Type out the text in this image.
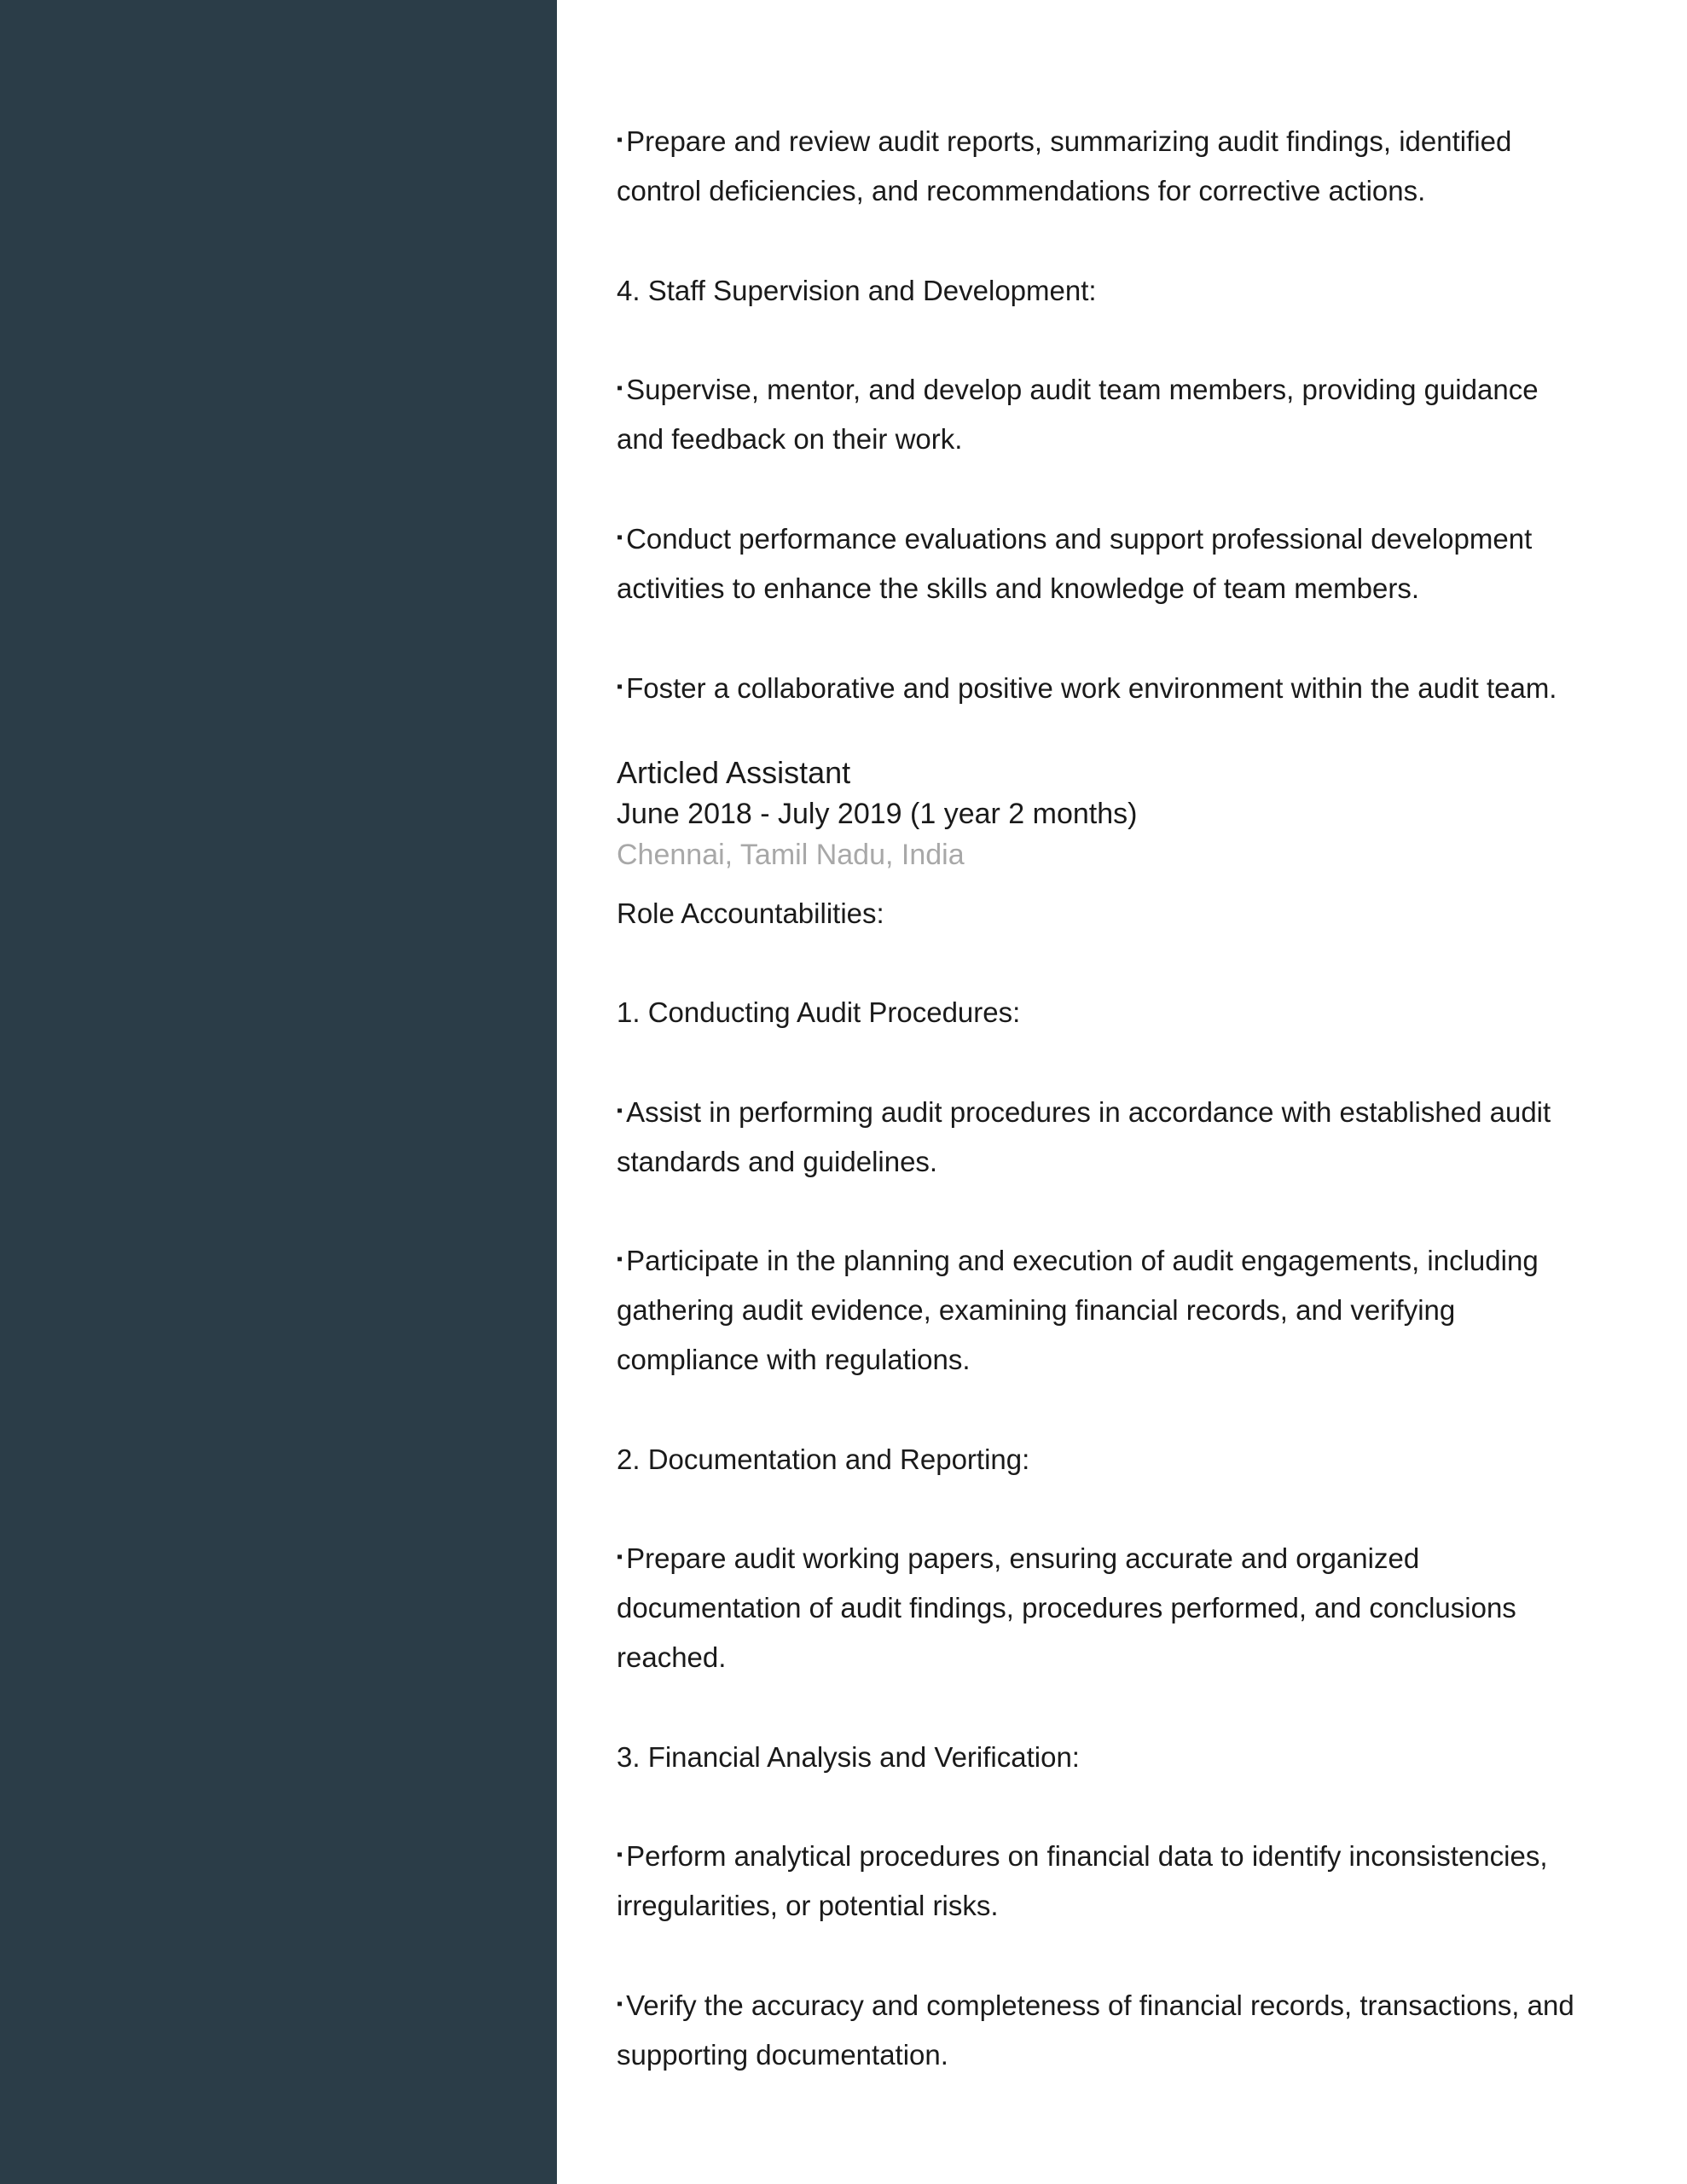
▪ Prepare and review audit reports, summarizing audit findings, identified
control deficiencies, and recommendations for corrective actions.
4. Staff Supervision and Development:
▪ Supervise, mentor, and develop audit team members, providing guidance
and feedback on their work.
▪ Conduct performance evaluations and support professional development
activities to enhance the skills and knowledge of team members.
▪ Foster a collaborative and positive work environment within the audit team.
Articled Assistant
June 2018 - July 2019 (1 year 2 months)
Chennai, Tamil Nadu, India
Role Accountabilities:
1. Conducting Audit Procedures:
▪ Assist in performing audit procedures in accordance with established audit
standards and guidelines.
▪ Participate in the planning and execution of audit engagements, including
gathering audit evidence, examining financial records, and verifying
compliance with regulations.
2. Documentation and Reporting:
▪ Prepare audit working papers, ensuring accurate and organized
documentation of audit findings, procedures performed, and conclusions
reached.
3. Financial Analysis and Verification:
▪ Perform analytical procedures on financial data to identify inconsistencies,
irregularities, or potential risks.
▪ Verify the accuracy and completeness of financial records, transactions, and
supporting documentation.
